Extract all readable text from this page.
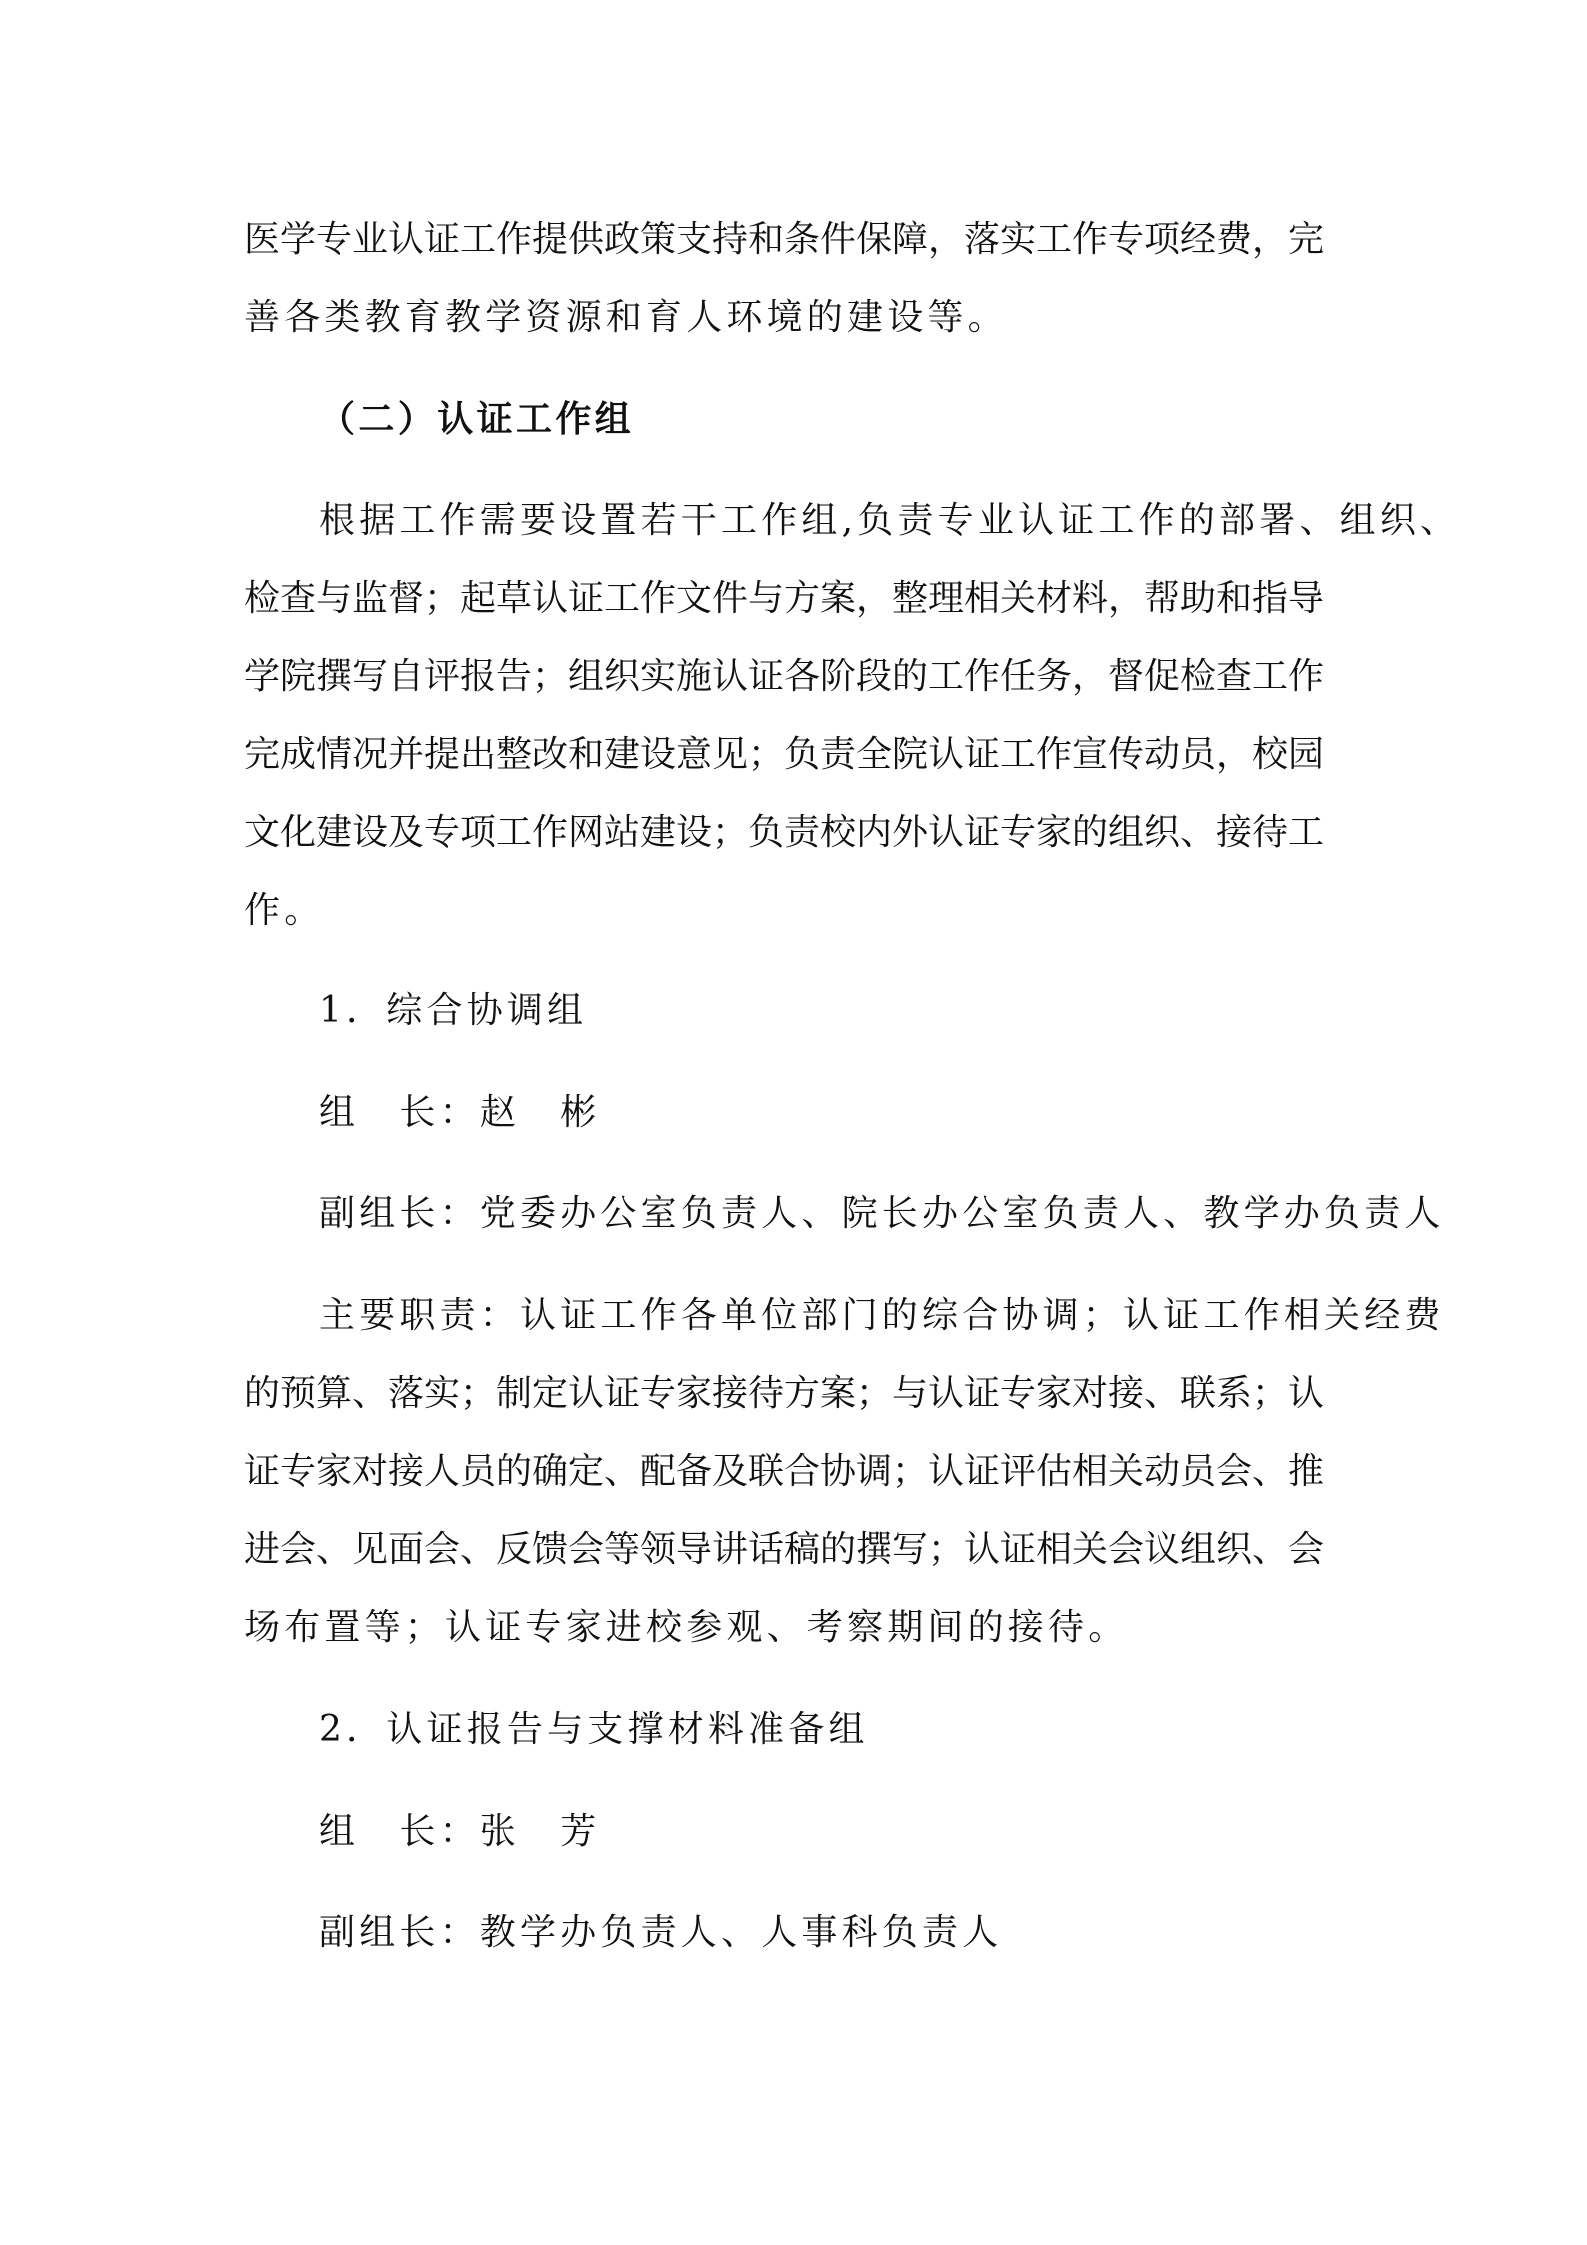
医学专业认证工作提供政策支持和条件保障，落实工作专项经费，完

善各类教育教学资源和育人环境的建设等。

（二）认证工作组

根据工作需要设置若干工作组,负责专业认证工作的部署、组织、

检查与监督；起草认证工作文件与方案，整理相关材料，帮助和指导

学院撰写自评报告；组织实施认证各阶段的工作任务，督促检查工作

完成情况并提出整改和建设意见；负责全院认证工作宣传动员，校园

文化建设及专项工作网站建设；负责校内外认证专家的组织、接待工

作。

1．综合协调组

组　长：赵　彬

副组长：党委办公室负责人、院长办公室负责人、教学办负责人

主要职责：认证工作各单位部门的综合协调；认证工作相关经费

的预算、落实；制定认证专家接待方案；与认证专家对接、联系；认

证专家对接人员的确定、配备及联合协调；认证评估相关动员会、推

进会、见面会、反馈会等领导讲话稿的撰写；认证相关会议组织、会

场布置等；认证专家进校参观、考察期间的接待。

2．认证报告与支撑材料准备组

组　长：张　芳

副组长：教学办负责人、人事科负责人
